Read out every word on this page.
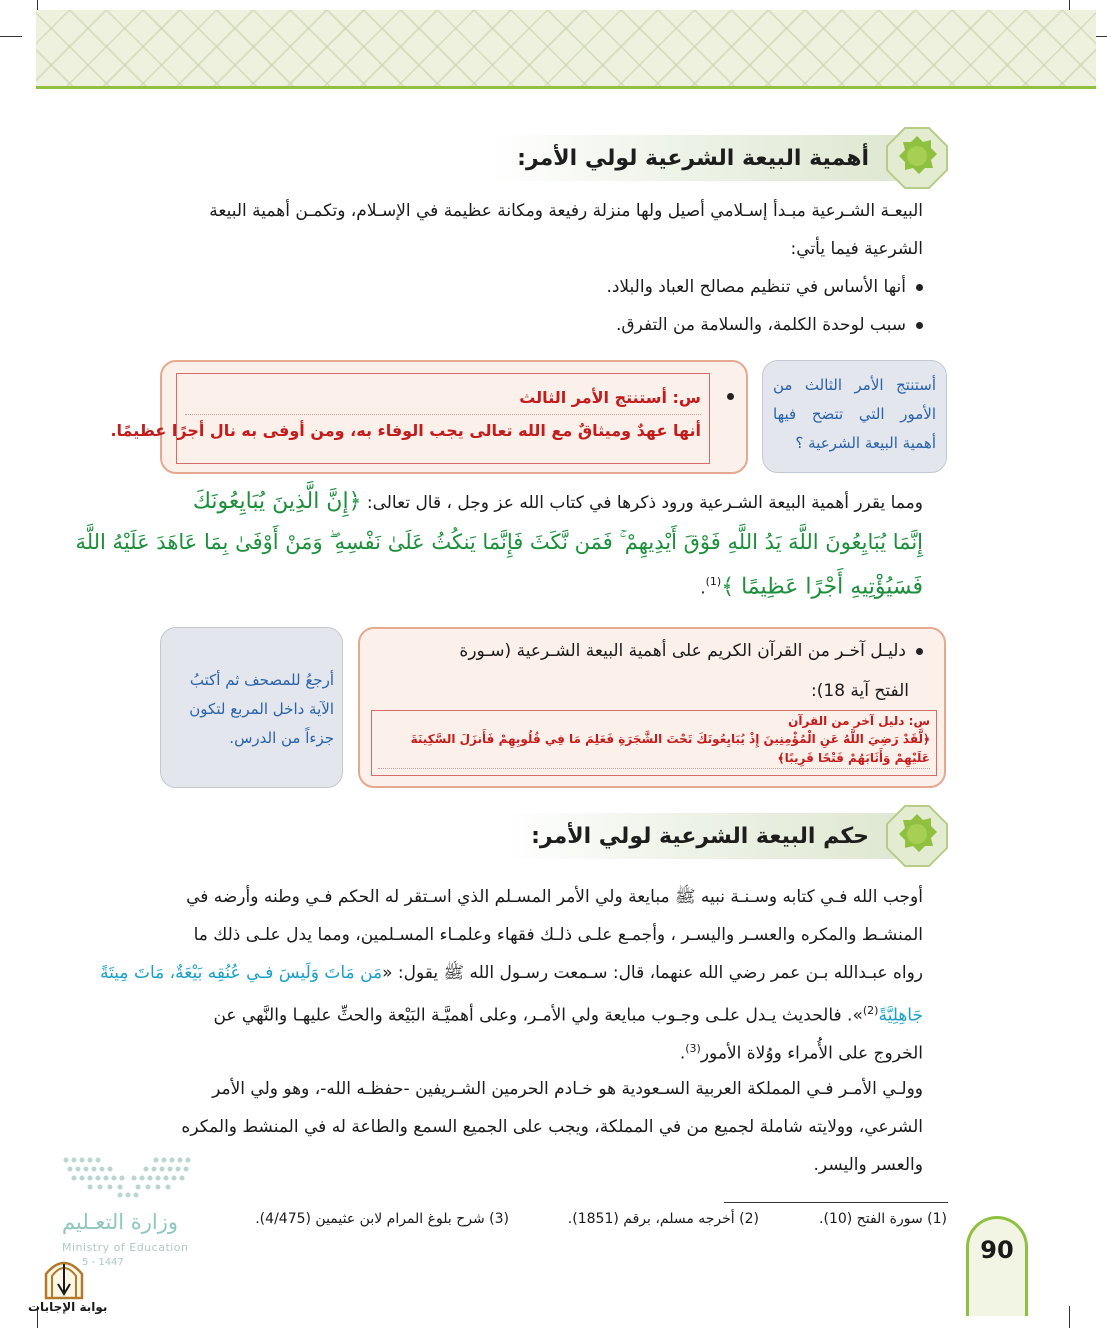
أهمية البيعة الشرعية لولي الأمر:
البيعـة الشـرعية مبـدأ إسـلامي أصيل ولها منزلة رفيعة ومكانة عظيمة في الإسـلام، وتكمـن أهمية البيعة
الشرعية فيما يأتي:
أنها الأساس في تنظيم مصالح العباد والبلاد.
سبب لوحدة الكلمة، والسلامة من التفرق.
أستنتج الأمر الثالث من الأمور التي تتضح فيها أهمية البيعة الشرعية ؟
س: أستنتج الأمر الثالث
أنها عهدٌ وميثاقٌ مع الله تعالى يجب الوفاء به، ومن أوفى به نال أجرًا عظيمًا.
ومما يقرر أهمية البيعة الشـرعية ورود ذكرها في كتاب الله عز وجل ، قال تعالى: ﴿إِنَّ الَّذِينَ يُبَايِعُونَكَ
إِنَّمَا يُبَايِعُونَ اللَّهَ يَدُ اللَّهِ فَوْقَ أَيْدِيهِمْ ۚ فَمَن نَّكَثَ فَإِنَّمَا يَنكُثُ عَلَىٰ نَفْسِهِ ۖ وَمَنْ أَوْفَىٰ بِمَا عَاهَدَ عَلَيْهُ اللَّهَ
فَسَيُؤْتِيهِ أَجْرًا عَظِيمًا ﴾$^{(1)}$.
أرجعُ للمصحف ثم أكتبُ الآية داخل المربع لتكون جزءاً من الدرس.
دليـل آخـر من القرآن الكريم على أهمية البيعة الشـرعية (سـورة
الفتح آية 18):
س: دليل آخر من القرآن
﴿لَّقَدْ رَضِيَ اللَّهُ عَنِ الْمُؤْمِنِينَ إِذْ يُبَايِعُونَكَ تَحْتَ الشَّجَرَةِ فَعَلِمَ مَا فِي قُلُوبِهِمْ فَأَنزَلَ السَّكِينَةَ عَلَيْهِمْ وَأَثَابَهُمْ فَتْحًا قَرِيبًا﴾
حكم البيعة الشرعية لولي الأمر:
أوجب الله فـي كتابه وسـنـة نبيه ﷺ مبايعة ولي الأمر المسـلم الذي اسـتقر له الحكم فـي وطنه وأرضه في
المنشـط والمكره والعسـر واليسـر ، وأجمـع علـى ذلـك فقهاء وعلمـاء المسـلمين، ومما يدل علـى ذلك ما
رواه عبـدالله بـن عمر رضي الله عنهما، قال: سـمعت رسـول الله ﷺ يقول: «مَن مَاتَ وَلَيسَ فـي عُنُقِه بَيْعَةٌ، مَاتَ مِيتَةً
جَاهِلِيَّةً$^{(2)}$». فالحديث يـدل علـى وجـوب مبايعة ولي الأمـر، وعلى أهميَّـة البَيْعة والحثِّ عليهـا والنَّهي عن
الخروج على الأُمراء ووُلاة الأمور$^{(3)}$.
وولـي الأمـر فـي المملكة العربية السـعودية هو خـادم الحرمين الشـريفين -حفظـه الله-، وهو ولي الأمر
الشرعي، وولايته شاملة لجميع من في المملكة، ويجب على الجميع السمع والطاعة له في المنشط والمكره
والعسر واليسر.
(1) سورة الفتح (10).
(2) أخرجه مسلم، برقم (1851).
(3) شرح بلوغ المرام لابن عثيمين (4/475).
90
وزارة التعـليم
Ministry of Education
5 - 1447
بوابة الإجابات
